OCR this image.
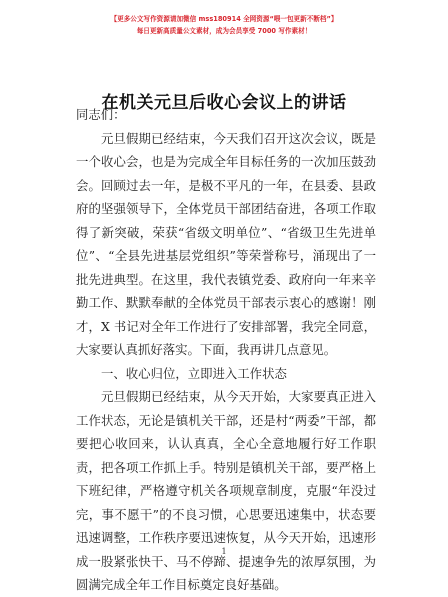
【更多公文写作资源请加微信 mss180914 全网资源“喂一包更新不断档”】
每日更新高质量公文素材，成为会员享受 7000 写作素材！
在机关元旦后收心会议上的讲话

同志们：

元旦假期已经结束，今天我们召开这次会议，既是一个收心会，也是为完成全年目标任务的一次加压鼓劲会。回顾过去一年，是极不平凡的一年，在县委、县政府的坚强领导下，全体党员干部团结奋进，各项工作取得了新突破，荣获“省级文明单位”、“省级卫生先进单位”、“全县先进基层党组织”等荣誉称号，涌现出了一批先进典型。在这里，我代表镇党委、政府向一年来辛勤工作、默默奉献的全体党员干部表示衷心的感谢！刚才，X 书记对全年工作进行了安排部署，我完全同意，大家要认真抓好落实。下面，我再讲几点意见。

一、收心归位，立即进入工作状态

元旦假期已经结束，从今天开始，大家要真正进入工作状态，无论是镇机关干部，还是村“两委”干部，都要把心收回来，认认真真，全心全意地履行好工作职责，把各项工作抓上手。特别是镇机关干部，要严格上下班纪律，严格遵守机关各项规章制度，克服“年没过完，事不愿干”的不良习惯，心思要迅速集中，状态要迅速调整，工作秩序要迅速恢复，从今天开始，迅速形成一股紧张快干、马不停蹄、提速争先的浓厚氛围，为圆满完成全年工作目标奠定良好基础。

1
